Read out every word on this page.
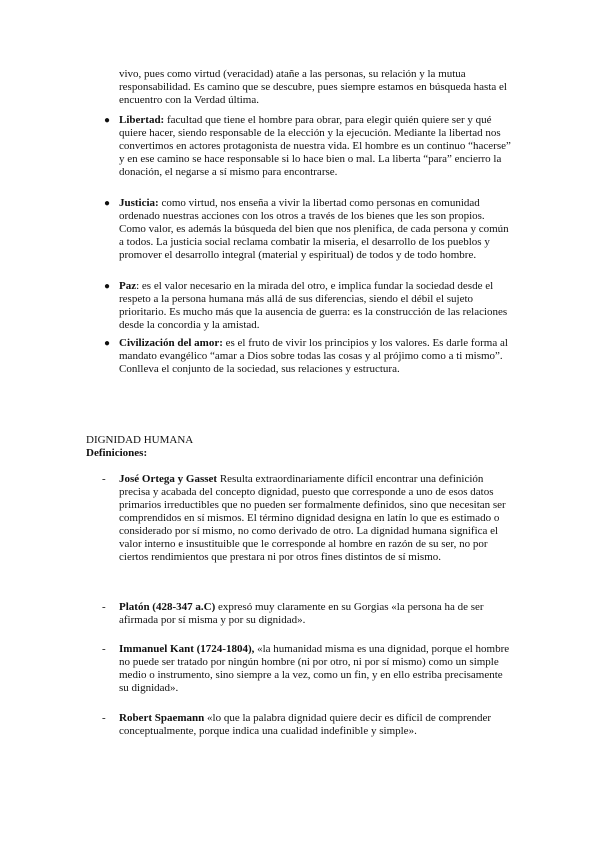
vivo, pues como virtud (veracidad) atañe a las personas, su relación y la mutua responsabilidad. Es camino que se descubre, pues siempre estamos en búsqueda hasta el encuentro con la Verdad última.

● Libertad: facultad que tiene el hombre para obrar, para elegir quién quiere ser y qué quiere hacer, siendo responsable de la elección y la ejecución. Mediante la libertad nos convertimos en actores protagonista de nuestra vida. El hombre es un continuo “hacerse” y en ese camino se hace responsable si lo hace bien o mal. La liberta “para” encierro la donación, el negarse a sí mismo para encontrarse.

● Justicia: como virtud, nos enseña a vivir la libertad como personas en comunidad ordenado nuestras acciones con los otros a través de los bienes que les son propios. Como valor, es además la búsqueda del bien que nos plenifica, de cada persona y común a todos. La justicia social reclama combatir la miseria, el desarrollo de los pueblos y promover el desarrollo integral (material y espiritual) de todos y de todo hombre.

● Paz: es el valor necesario en la mirada del otro, e implica fundar la sociedad desde el respeto a la persona humana más allá de sus diferencias, siendo el débil el sujeto prioritario. Es mucho más que la ausencia de guerra: es la construcción de las relaciones desde la concordia y la amistad.

● Civilización del amor: es el fruto de vivir los principios y los valores. Es darle forma al mandato evangélico “amar a Dios sobre todas las cosas y al prójimo como a ti mismo”. Conlleva el conjunto de la sociedad, sus relaciones y estructura.

DIGNIDAD HUMANA
Definiciones:
- José Ortega y Gasset Resulta extraordinariamente difícil encontrar una definición precisa y acabada del concepto dignidad, puesto que corresponde a uno de esos datos primarios irreductibles que no pueden ser formalmente definidos, sino que necesitan ser comprendidos en sí mismos. El término dignidad designa en latín lo que es estimado o considerado por sí mismo, no como derivado de otro. La dignidad humana significa el valor interno e insustituible que le corresponde al hombre en razón de su ser, no por ciertos rendimientos que prestara ni por otros fines distintos de sí mismo.

- Platón (428-347 a.C) expresó muy claramente en su Gorgias «la persona ha de ser afirmada por sí misma y por su dignidad».

- Immanuel Kant (1724-1804), «la humanidad misma es una dignidad, porque el hombre no puede ser tratado por ningún hombre (ni por otro, ni por sí mismo) como un simple medio o instrumento, sino siempre a la vez, como un fin, y en ello estriba precisamente su dignidad».

- Robert Spaemann «lo que la palabra dignidad quiere decir es difícil de comprender conceptualmente, porque indica una cualidad indefinible y simple».
